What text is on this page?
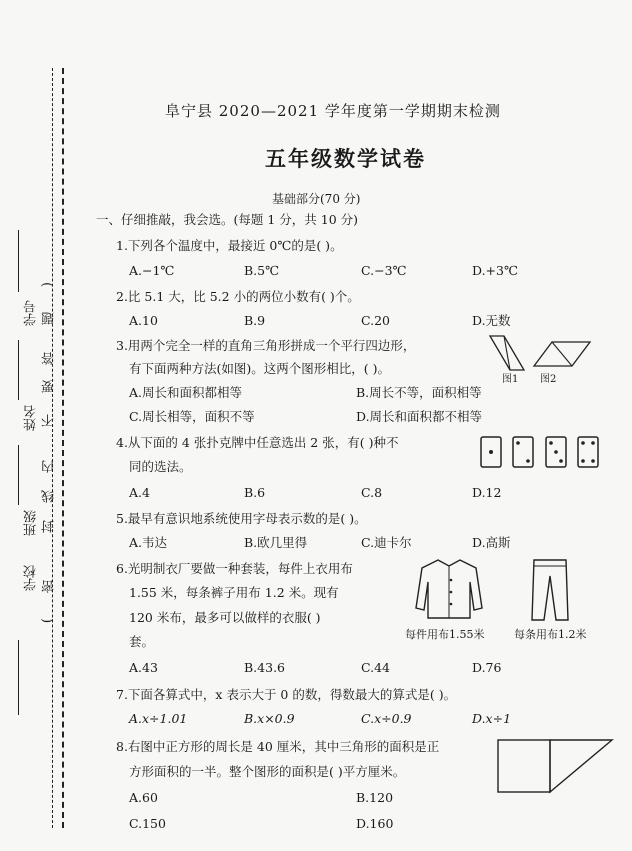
学号
姓名
班级
学校
(
密
封
线
内
不
要
答
题
)
阜宁县 2020—2021 学年度第一学期期末检测
五年级数学试卷
基础部分(70 分)
一、仔细推敲，我会选。(每题 1 分，共 10 分)
1.下列各个温度中，最接近 0℃的是( )。
A.−1℃	B.5℃	C.−3℃	D.+3℃
2.比 5.1 大，比 5.2 小的两位小数有( )个。
A.10	B.9	C.20	D.无数
3.用两个完全一样的直角三角形拼成一个平行四边形，
有下面两种方法(如图)。这两个图形相比，( )。
A.周长和面积都相等	B.周长不等，面积相等
C.周长相等，面积不等	D.周长和面积都不相等
图1 图2
4.从下面的 4 张扑克牌中任意选出 2 张，有( )种不
同的选法。
A.4	B.6	C.8	D.12
5.最早有意识地系统使用字母表示数的是( )。
A.韦达	B.欧几里得	C.迪卡尔	D.高斯
6.光明制衣厂要做一种套装，每件上衣用布
1.55 米，每条裤子用布 1.2 米。现有
120 米布，最多可以做样的衣服( )
套。	每件用布1.55米	每条用布1.2米
A.43	B.43.6	C.44	D.76
7.下面各算式中，x 表示大于 0 的数，得数最大的算式是( )。
A.x÷1.01	B.x×0.9	C.x÷0.9	D.x÷1
8.右图中正方形的周长是 40 厘米，其中三角形的面积是正
方形面积的一半。整个图形的面积是( )平方厘米。
A.60	B.120
C.150	D.160
